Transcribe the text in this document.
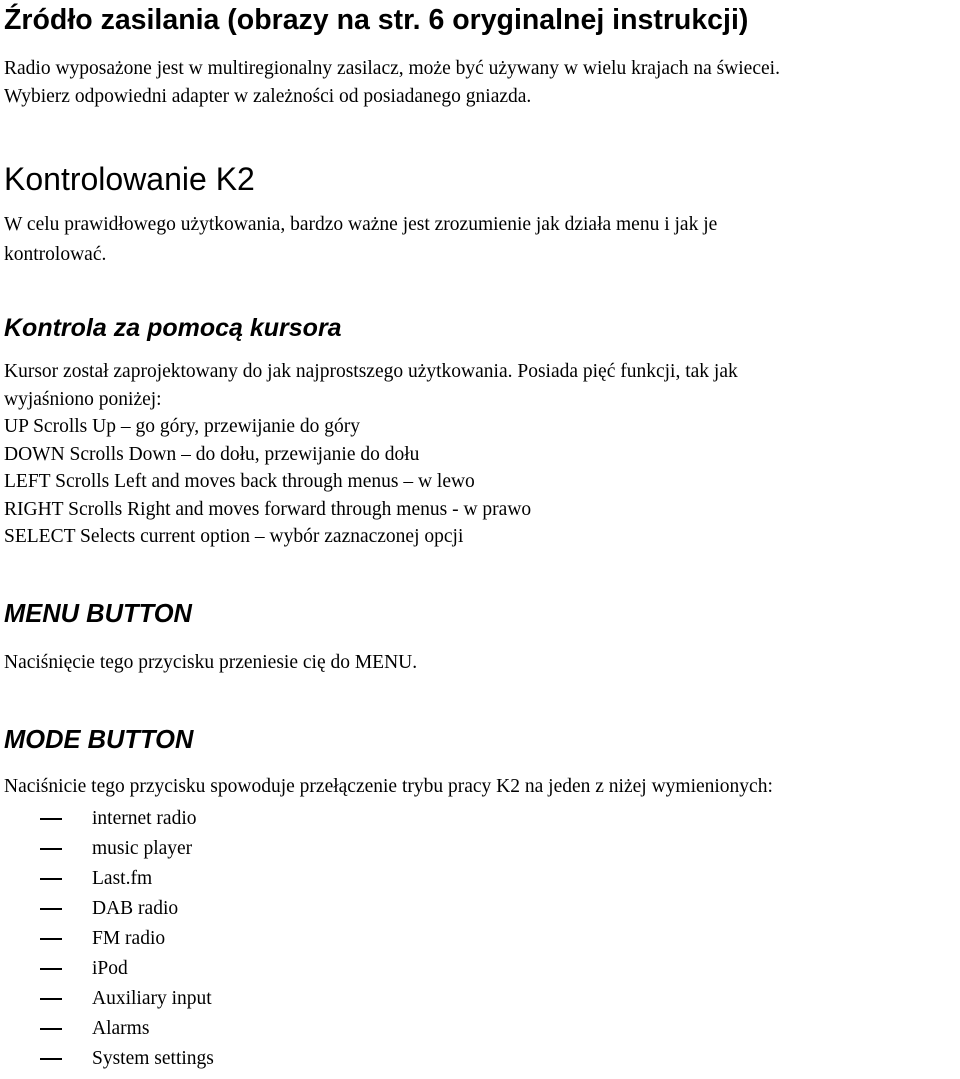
Źródło zasilania (obrazy na str. 6 oryginalnej instrukcji)

Radio wyposażone jest w multiregionalny zasilacz, może być używany w wielu krajach na świecei.
Wybierz odpowiedni adapter w zależności od posiadanego gniazda.

Kontrolowanie K2

W celu prawidłowego użytkowania, bardzo ważne jest zrozumienie jak działa menu i jak je
kontrolować.

Kontrola za pomocą kursora

Kursor został zaprojektowany do jak najprostszego użytkowania. Posiada pięć funkcji, tak jak
wyjaśniono poniżej:
UP Scrolls Up – go góry, przewijanie do góry
DOWN Scrolls Down – do dołu, przewijanie do dołu
LEFT Scrolls Left and moves back through menus – w lewo
RIGHT Scrolls Right and moves forward through menus - w prawo
SELECT Selects current option – wybór zaznaczonej opcji

MENU BUTTON

Naciśnięcie tego przycisku przeniesie cię do MENU.

MODE BUTTON

Naciśnicie tego przycisku spowoduje przełączenie trybu pracy K2 na jeden z niżej wymienionych:

internet radio
music player
Last.fm
DAB radio
FM radio
iPod
Auxiliary input
Alarms
System settings
